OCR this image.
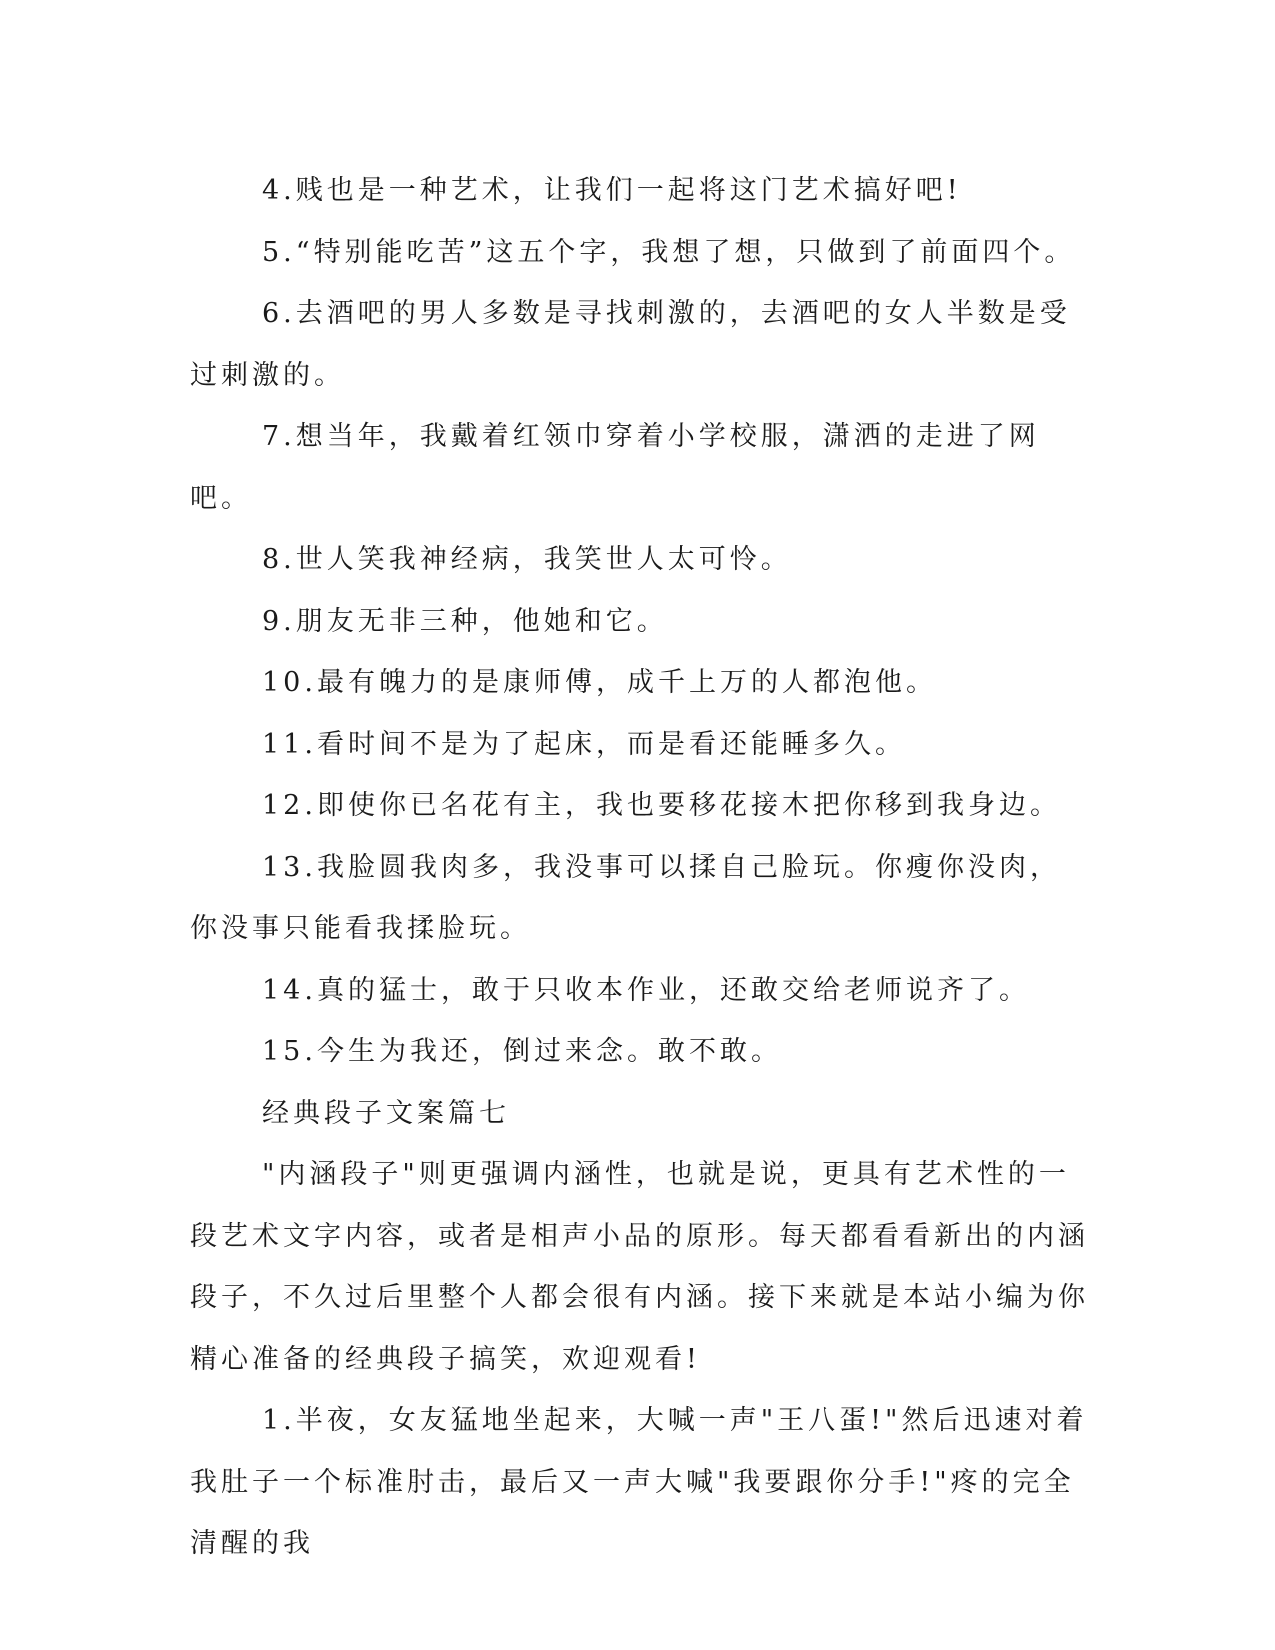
4.贱也是一种艺术，让我们一起将这门艺术搞好吧!

5.“特别能吃苦”这五个字，我想了想，只做到了前面四个。

6.去酒吧的男人多数是寻找刺激的，去酒吧的女人半数是受过刺激的。

7.想当年，我戴着红领巾穿着小学校服，潇洒的走进了网吧。

8.世人笑我神经病，我笑世人太可怜。

9.朋友无非三种，他她和它。

10.最有魄力的是康师傅，成千上万的人都泡他。

11.看时间不是为了起床，而是看还能睡多久。

12.即使你已名花有主，我也要移花接木把你移到我身边。

13.我脸圆我肉多，我没事可以揉自己脸玩。你瘦你没肉，你没事只能看我揉脸玩。

14.真的猛士，敢于只收本作业，还敢交给老师说齐了。

15.今生为我还，倒过来念。敢不敢。

经典段子文案篇七

"内涵段子"则更强调内涵性，也就是说，更具有艺术性的一段艺术文字内容，或者是相声小品的原形。每天都看看新出的内涵段子，不久过后里整个人都会很有内涵。接下来就是本站小编为你精心准备的经典段子搞笑，欢迎观看!

1.半夜，女友猛地坐起来，大喊一声"王八蛋!"然后迅速对着我肚子一个标准肘击，最后又一声大喊"我要跟你分手!"疼的完全清醒的我
